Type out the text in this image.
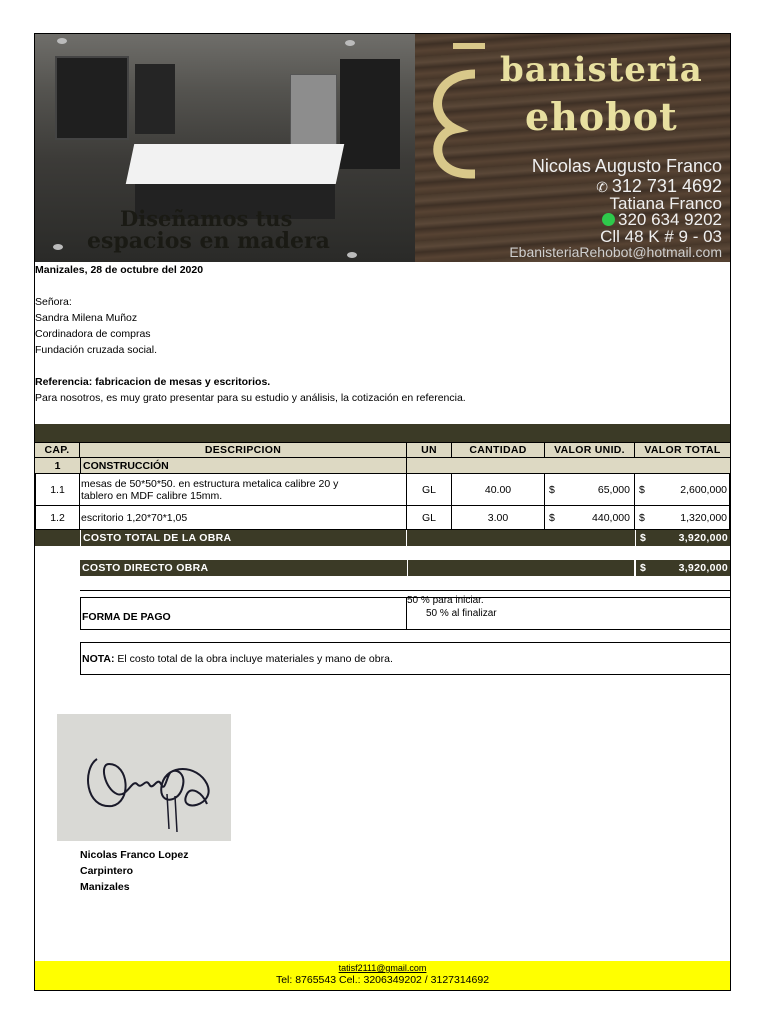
Diseñamos tus
espacios en madera
banisteria
ehobot
Nicolas Augusto Franco
✆ 312 731 4692
Tatiana Franco
320 634 9202
Cll 48 K # 9 - 03
EbanisteriaRehobot@hotmail.com
Manizales, 28 de octubre del 2020
Señora:
Sandra Milena Muñoz
Cordinadora de compras
Fundación cruzada social.
Referencia: fabricacion de mesas y escritorios.
Para nosotros, es muy grato presentar para su estudio y análisis, la cotización en referencia.
CAP.	DESCRIPCION	UN	CANTIDAD	VALOR UNID.	VALOR TOTAL
1	CONSTRUCCIÓN
1.1	mesas de 50*50*50. en estructura metalica calibre 20 y
tablero en MDF calibre 15mm.	GL	40.00	$	65,000 $	2,600,000
1.2	escritorio 1,20*70*1,05	GL	3.00	$	440,000 $	1,320,000
COSTO TOTAL DE LA OBRA	$	3,920,000
COSTO DIRECTO OBRA	$	3,920,000
FORMA DE PAGO
50 % para iniciar.
50 % al finalizar
NOTA: El costo total de la obra incluye materiales y mano de obra.
Nicolas Franco Lopez
Carpintero
Manizales
tatisf2111@gmail.com
Tel: 8765543 Cel.: 3206349202 / 3127314692
